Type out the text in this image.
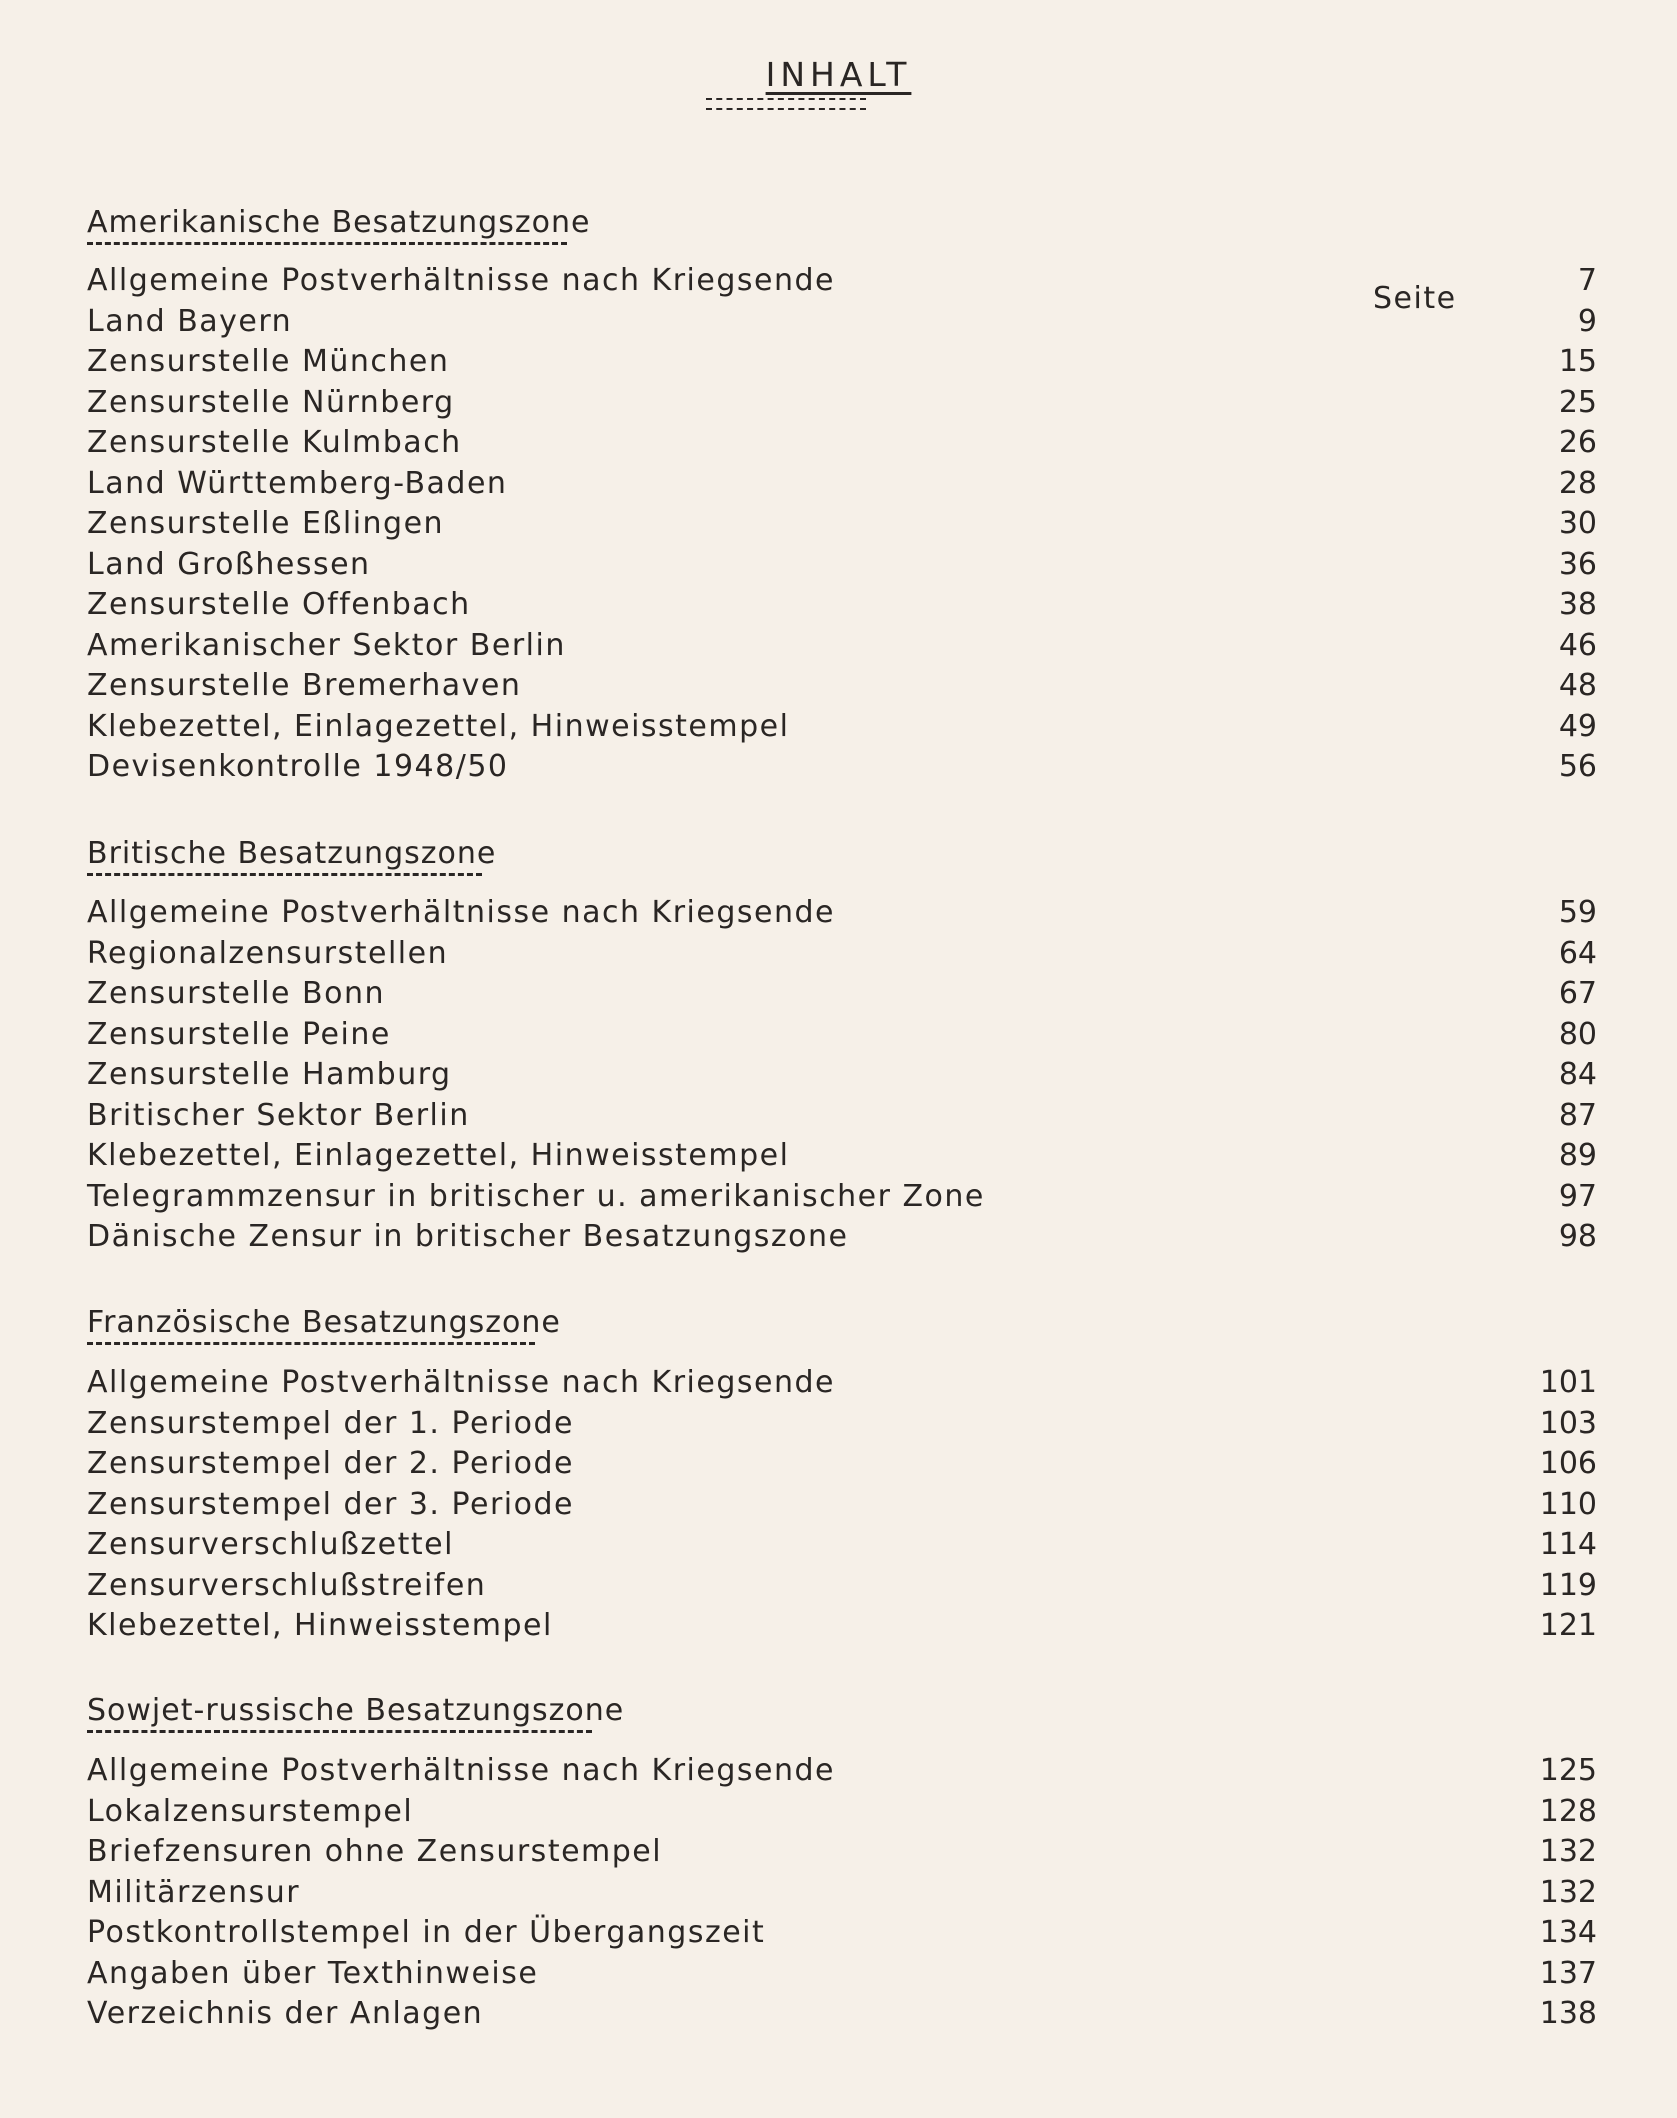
INHALT
Seite
Amerikanische Besatzungszone
Allgemeine Postverhältnisse nach Kriegsende	7
Land Bayern	9
Zensurstelle München	15
Zensurstelle Nürnberg	25
Zensurstelle Kulmbach	26
Land Württemberg-Baden	28
Zensurstelle Eßlingen	30
Land Großhessen	36
Zensurstelle Offenbach	38
Amerikanischer Sektor Berlin	46
Zensurstelle Bremerhaven	48
Klebezettel, Einlagezettel, Hinweisstempel	49
Devisenkontrolle 1948/50	56
Britische Besatzungszone
Allgemeine Postverhältnisse nach Kriegsende	59
Regionalzensurstellen	64
Zensurstelle Bonn	67
Zensurstelle Peine	80
Zensurstelle Hamburg	84
Britischer Sektor Berlin	87
Klebezettel, Einlagezettel, Hinweisstempel	89
Telegrammzensur in britischer u. amerikanischer Zone	97
Dänische Zensur in britischer Besatzungszone	98
Französische Besatzungszone
Allgemeine Postverhältnisse nach Kriegsende	101
Zensurstempel der 1. Periode	103
Zensurstempel der 2. Periode	106
Zensurstempel der 3. Periode	110
Zensurverschlußzettel	114
Zensurverschlußstreifen	119
Klebezettel, Hinweisstempel	121
Sowjet-russische Besatzungszone
Allgemeine Postverhältnisse nach Kriegsende	125
Lokalzensurstempel	128
Briefzensuren ohne Zensurstempel	132
Militärzensur	132
Postkontrollstempel in der Übergangszeit	134
Angaben über Texthinweise	137
Verzeichnis der Anlagen	138
